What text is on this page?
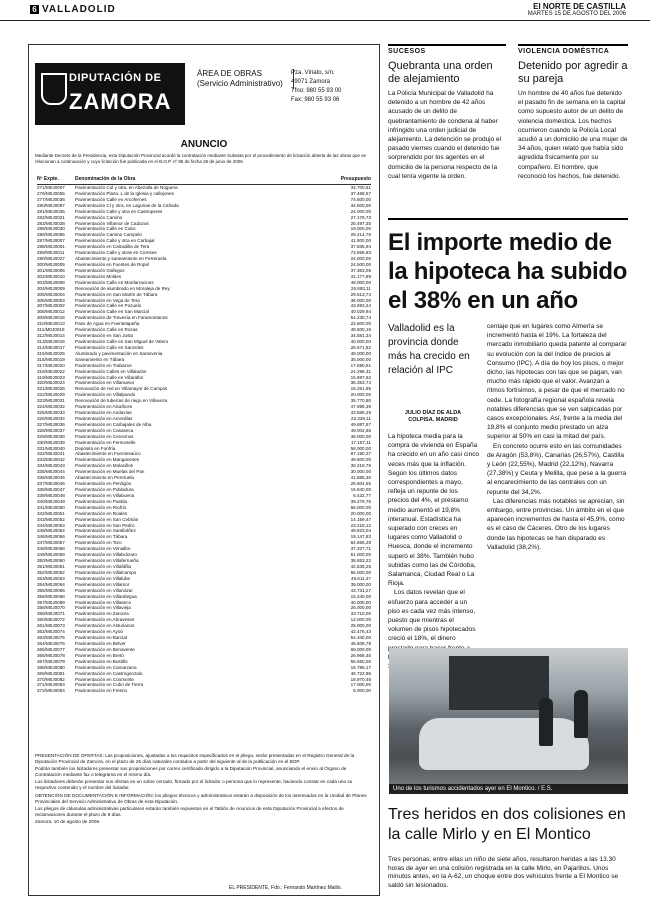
6 VALLADOLID	El NORTE DE CASTILLA
MARTES 15 DE AGOSTO DEL 2006
DIPUTACIÓN DE
ZAMORA
ÁREA DE OBRAS
(Servicio Administrativo)
Pza. Viriato, s/n.
49071 Zamora
Tfno: 980 55 93 00
Fax: 980 55 93 06
ANUNCIO
Mediante Decreto de la Presidencia, esta Diputación Provincial acordó la contratación mediante Subasta por el procedimiento de licitación abierta de las obras que se relacionan a continuación y cuyo licitación fue publicada en el B.O.P. nº 85 de fecha 26 de junio de 2006.
Nº Expte.	Denominación de la Obra	Presupuesto
271/M0J0007 Pavimentación Col y otra, en Abezalla de Noguera	34.700,61
276/M0J0055 Pavimentación Plaza. L de la Iglesia y callejones	37.468,57
277/M0J0036 Pavimentación Calle en Arcofernes	74.600,00
280/M0J0067 Pavimentación Cl y otra, en Lagunas de la Cañada	34.600,00
281/M0J0035 Pavimentación Calle y otra en Castroperes	24.000,00
282/M0J0021 Pavimentación Camino	27.179,73
283/M0J0028 Pavimentación Villamor de Cadozos	25.497,35
285/M0J0030 Pavimentación Calle en Cubo	19.000,00
286/M0J0065 Pavimentación Camino Campelo	29.214,76
287/M0J0007 Pavimentación Calle y otra en Carbajal	41.600,00
288/M0J0001 Pavimentación en Calzadilla de Tera	37.835,94
289/M0J0011 Pavimentación Calle y otras en Coreses	73.658,83
290/M0J0027 Abastecimiento y saneamiento en Ferreruela	24.000,00
300/M0J0005 Pavimentación en Fuentes de Ropel	24.500,00
301/M0J0006 Pavimentación Gallegos	37.363,05
302/M0J0010 Pavimentación Moldes	41.177,89
303/M0J0008 Pavimentación Calle en Monfarracinos	48.000,00
304/M0J0009 Renovación de alumbrado en Moraleja de Rey	26.693,11
305/M0J0004 Pavimentación en San Martín de Tábara	29.613,74
306/M0J0003 Pavimentación en Vega de Tera	36.000,00
307/M0J0002 Pavimentación Calle en Pozuelo	43.693,24
308/M0J0012 Pavimentación Calle en San Marcial	40.029,94
309/M0J0015 Pavimentación de Travesía en Faramontanos	54.230,74
310/M0J0013 Paso de Agua en Fuentelapeña	22.600,00
311/M0J0018 Pavimentación Calle en Rozas	49.500,16
312/M0J0014 Pavimentación en San Justo	34.581,34
313/M0J0016 Pavimentación Calle en San Miguel de Valero	40.000,00
314/M0J0017 Pavimentación Calle en Sanzoles	25.571,82
315/M0J0025 Alumbrado y pavimentación en Santovenia	48.000,00
316/M0J0019 Saneamiento en Tábara	35.000,00
317/M0J0020 Pavimentación en Trabazos	17.590,51
318/M0J0022 Pavimentación Calles en Villalazán	24.298,31
319/M0J0023 Pavimentación Calle en Villaralbo	15.697,62
320/M0J0024 Pavimentación en Villanueva	36.353,74
321/M0J0026 Renovación de red en Villamayor de Campos	15.251,95
322/M0J0029 Pavimentación en Villalpando	20.000,00
323/M0J0031 Renovación de tuberías de riego en Villaveza	35.770,80
324/M0J0032 Pavimentación en Alcañices	47.996,39
325/M0J0033 Pavimentación en Andavías	43.689,29
326/M0J0034 Pavimentación en Arcenillas	22.339,11
327/M0J0036 Pavimentación en Carbajales de Alba	49.887,57
328/M0J0037 Pavimentación en Casaseca	49.002,66
329/M0J0038 Pavimentación en Cerecinos	48.000,00
330/M0J0039 Pavimentación en Fermoselle	17.157,11
331/M0J0040 Depósito en Fonfría	58.000,00
332/M0J0041 Abastecimiento en Fuentesaúco	67.190,37
333/M0J0042 Pavimentación en Manganeses	49.600,00
334/M0J0043 Pavimentación en Molacillos	39.218,76
335/M0J0044 Pavimentación en Muelas del Pan	30.000,00
336/M0J0045 Abastecimiento en Pereruela	41.585,30
337/M0J0046 Pavimentación en Perdigón	25.604,55
338/M0J0047 Pavimentación en Pobladura	15.840,00
339/M0J0048 Pavimentación en Villabuena	6.432,77
340/M0J0049 Pavimentación en Puebla	39.279,75
341/M0J0050 Pavimentación en Riofrío	56.000,00
342/M0J0051 Pavimentación en Roales	20.000,00
343/M0J0052 Pavimentación en San Cebrián	14.159,47
344/M0J0053 Pavimentación en San Pedro	23.215,12
345/M0J0054 Pavimentación en Santibáñez	49.823,04
346/M0J0056 Pavimentación en Tábara	19.147,83
347/M0J0057 Pavimentación en Toro	84.656,29
348/M0J0058 Pavimentación en Venialbo	37.327,71
349/M0J0059 Pavimentación en Villabrázaro	51.000,00
350/M0J0060 Pavimentación en Villaferrueña	38.653,22
351/M0J0061 Pavimentación en Villafáfila	42.536,25
352/M0J0062 Pavimentación en Villalcampo	55.000,00
353/M0J0063 Pavimentación en Villalube	49.611,47
354/M0J0064 Pavimentación en Villamor	39.000,00
355/M0J0066 Pavimentación en Villanázar	43.731,27
356/M0J0068 Pavimentación en Villardiegua	15.240,00
357/M0J0069 Pavimentación en Villaseco	40.000,00
358/M0J0070 Pavimentación en Villavieja	26.000,00
359/M0J0071 Pavimentación en Zamora	33.710,00
360/M0J0072 Pavimentación en Abraveses	12.000,00
361/M0J0073 Pavimentación en Asturianos	25.000,00
362/M0J0074 Pavimentación en Ayoó	42.476,43
363/M0J0075 Pavimentación en Barcial	54.340,00
364/M0J0076 Pavimentación en Belver	45.608,78
365/M0J0077 Pavimentación en Benavente	69.000,00
366/M0J0078 Pavimentación en Bretó	26.968,45
367/M0J0079 Pavimentación en Bustillo	55.550,00
368/M0J0080 Pavimentación en Camarzana	15.789,17
369/M0J0081 Pavimentación en Castrogonzalo	46.722,96
370/M0J0082 Pavimentación en Coomonte	18.970,46
371/M0J0083 Pavimentación en Cubo de Tierra	17.000,00
372/M0J0084 Pavimentación en Fresno	5.000,00

PRESENTACIÓN DE OFERTAS: Las proposiciones, ajustadas a los requisitos especificados en el pliego, serán presentadas en el Registro General de la Diputación Provincial de Zamora, en el plazo de 26 días naturales contados a partir del siguiente al de la publicación en el BOP.

Podrán también los licitadores presentar sus proposiciones por correo certificado dirigido a la Diputación Provincial, anunciando el envío al Órgano de Contratación mediante fax o telegrama en el mismo día.

Los licitadores deberán presentar sus ofertas en un sobre cerrado, firmado por el licitador o persona que lo represente, haciendo constar en cada uno su respectivo contenido y el nombre del licitador.

OBTENCIÓN DE DOCUMENTACIÓN E INFORMACIÓN: los pliegos técnicos y administrativos estarán a disposición de los interesados en la Unidad de Planes Provinciales del Servicio Administrativo de Obras de esta Diputación.

Los pliegos de cláusulas administrativas particulares estarán también expuestos en el Tablón de Anuncios de esta Diputación Provincial a efectos de reclamaciones durante el plazo de 8 días.

Zamora, 10 de agosto de 2006.

EL PRESIDENTE, Fdo.: Fernando Martínez Maillo.
SUCESOS
Quebranta una orden de alejamiento
La Policía Municipal de Valladolid ha detenido a un hombre de 42 años acusado de un delito de quebrantamiento de condena al haber infringido una orden judicial de alejamiento. La detención se produjo el pasado viernes cuando el detenido fue sorprendido por los agentes en el domicilio de la persona respecto de la cual tenía vigente la orden.
VIOLENCIA DOMÉSTICA
Detenido por agredir a su pareja
Un hombre de 40 años fue detenido el pasado fin de semana en la capital como supuesto autor de un delito de violencia doméstica. Los hechos ocurrieron cuando la Policía Local acudió a un domicilio de una mujer de 34 años, quien relató que había sido agredida físicamente por su compañero. El hombre, que reconoció los hechos, fue detenido.
El importe medio de la hipoteca ha subido el 38% en un año
Valladolid es la provincia donde más ha crecido en relación al IPC
JULIO DÍAZ DE ALDA
COLPISA. MADRID
La hipoteca media para la compra de vivienda en España ha crecido en un año casi cinco veces más que la inflación. Según los últimos datos correspondientes a mayo, refleja un repunte de los precios del 4%, el préstamo medio aumentó el 19,8% interanual. Estadística ha superado con creces en lugares como Valladolid o Huesca, donde el incremento superó el 38%. También hubo subidas como las de Córdoba, Salamanca, Ciudad Real o La Rioja.
Los datos revelan que el esfuerzo para acceder a un piso es cada vez más intenso, puesto que mientras el volumen de pisos hipotecados creció el 18%, el dinero
centaje que en lugares como Almería se incrementó hasta el 19%. La fortaleza del mercado inmobiliario queda patente al comparar su evolución con la del índice de precios al Consumo (IPC). A día de hoy los pisos, o mejor dicho, las hipotecas con las que se pagan, van mucho más rápido que el valor. Avanzan a ritmos fortísimos, a pesar de que el mercado no cede. La fotografía regional española revela notables diferencias que se ven salpicadas por casos excepcionales. Así, frente a la media del 19,8% el conjunto medio prestado un alza superior al 50% en casi la mitad del país.
En concreto ocurre esto en las comunidades de Aragón (53,8%), Canarias (26,57%), Castilla y León (22,55%), Madrid (22,12%), Navarra (27,38%) y Ceuta y Melilla, que pese a la guerra al encarecimiento de las centrales con un repunte del 34,2%.
Las diferencias más notables se aprecian, sin embargo, entre provincias. Un ámbito en el que aparecen incrementos de hasta el 45,9%, como es el caso de Cáceres. Otro de los lugares donde las hipotecas se han disparado es Valladolid (38,2%).
Uno de los turismos accidentados ayer en El Montico. / E.S.
Tres heridos en dos colisiones en la calle Mirlo y en El Montico
Tres personas, entre ellas un niño de siete años, resultaron heridas a las 13.30 horas de ayer en una colisión registrada en la calle Mirlo, en Pajarillos. Unos minutos antes, en la A-62, un choque entre dos vehículos frente a El Montico se saldó sin lesionados.
